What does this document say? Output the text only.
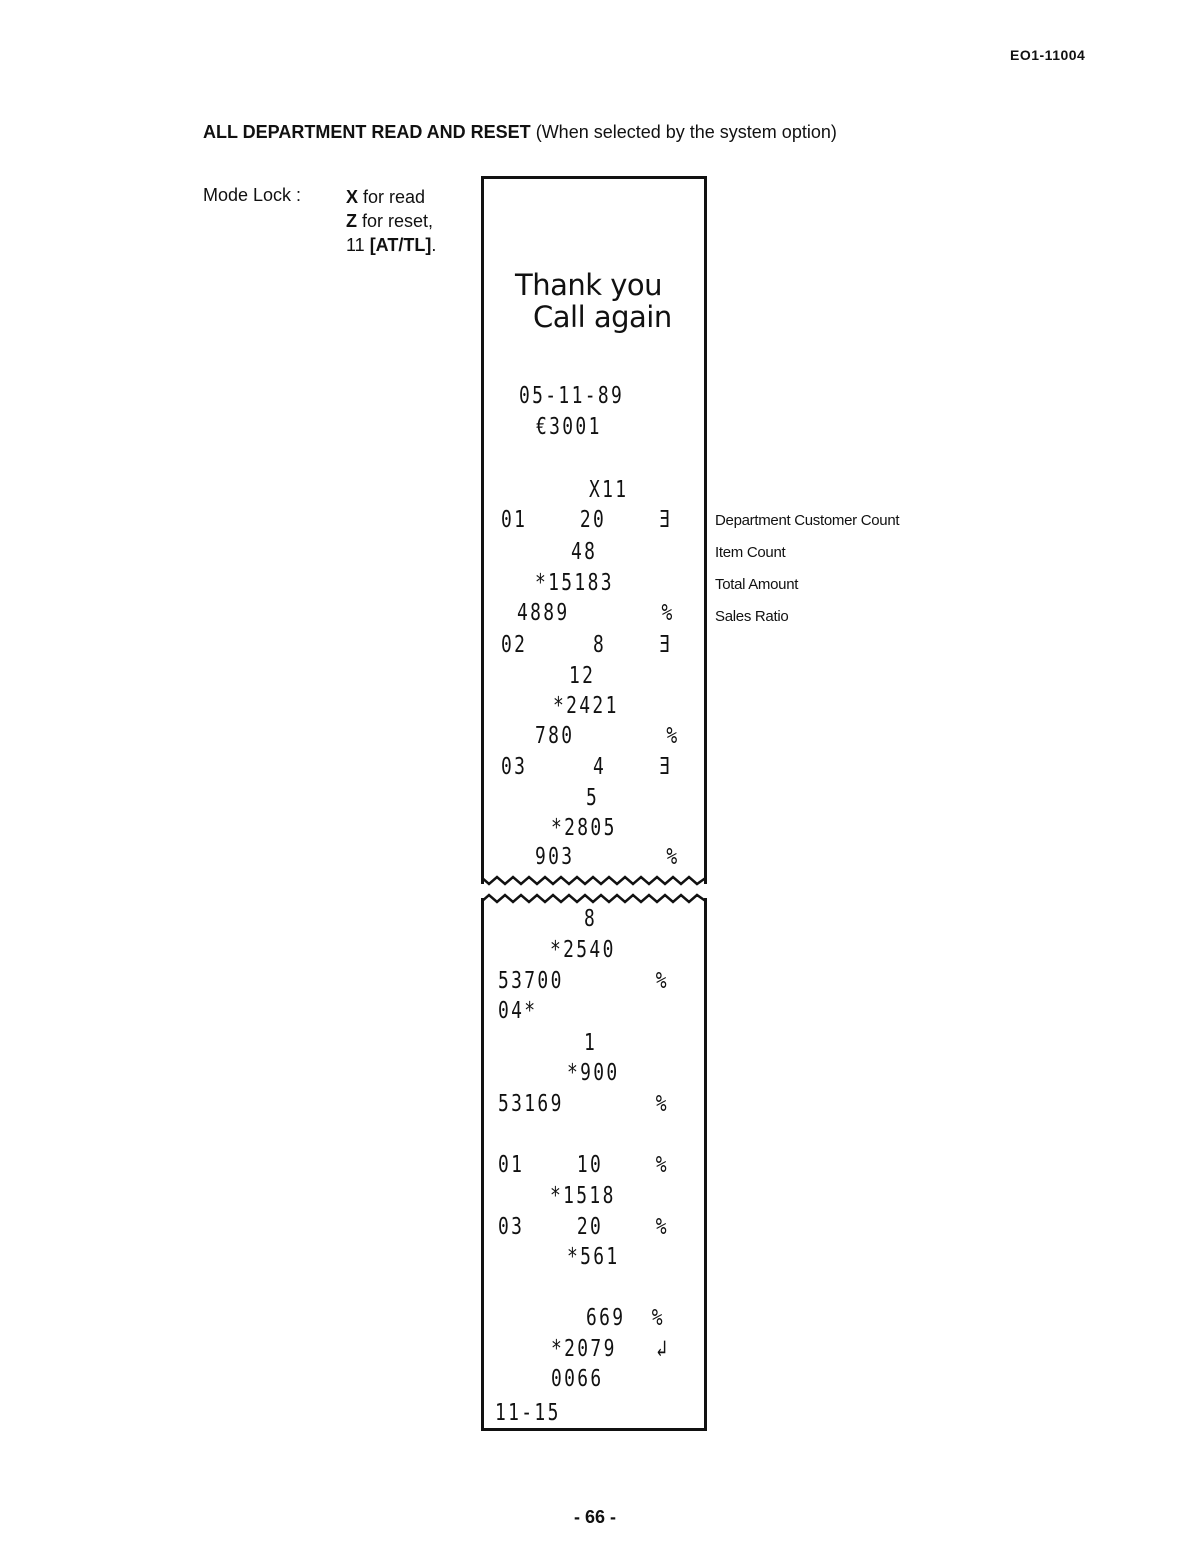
EO1-11004
ALL DEPARTMENT READ AND RESET (When selected by the system option)
Mode Lock : X for read
Z for reset,
11 [AT/TL].
Thank you
Call again
05-11-89
€3001
X11
01    20    Ǝ
48
*15183
4889       %
02     8    Ǝ
12
*2421
780       %
03     4    Ǝ
5
*2805
903       %
8
*2540
53700       %
04*
1
*900
53169       %
01    10    %
*1518
03    20    %
*561
669  %
*2079   ↲
0066
11-15
Department Customer Count
Item Count
Total Amount
Sales Ratio
- 66 -
